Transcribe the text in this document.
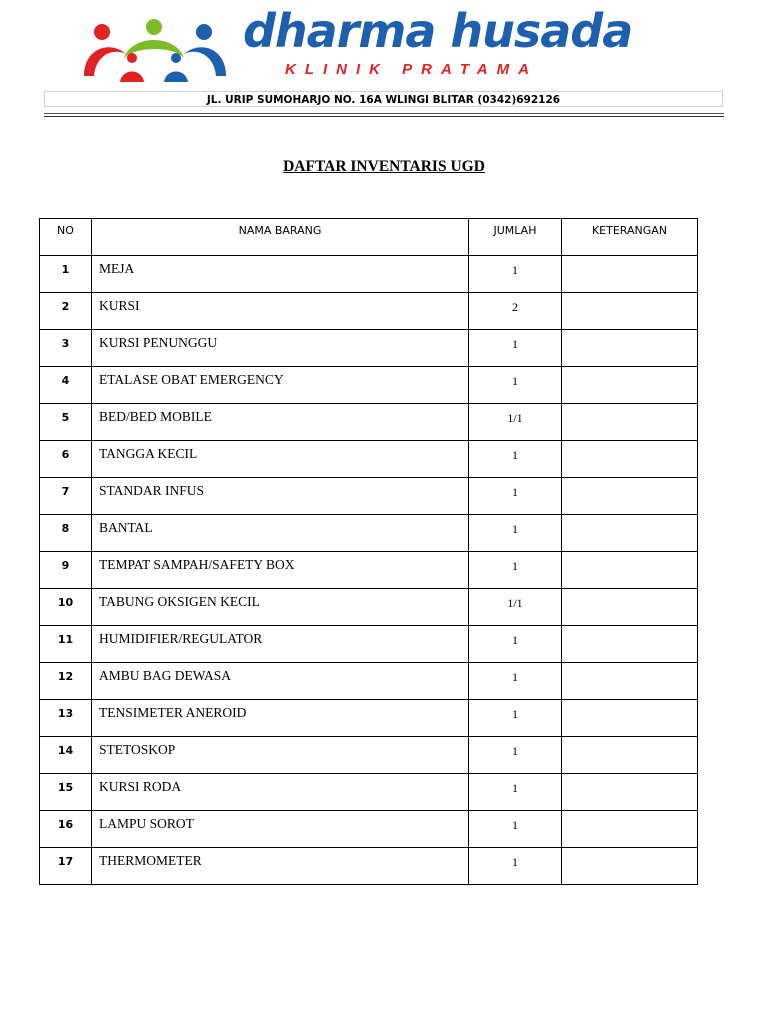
dharma husada
KLINIK PRATAMA
JL. URIP SUMOHARJO NO. 16A WLINGI BLITAR (0342)692126
DAFTAR INVENTARIS UGD
NO	NAMA BARANG	JUMLAH	KETERANGAN
1	MEJA	1	
2	KURSI	2	
3	KURSI PENUNGGU	1	
4	ETALASE OBAT EMERGENCY	1	
5	BED/BED MOBILE	1/1	
6	TANGGA KECIL	1	
7	STANDAR INFUS	1	
8	BANTAL	1	
9	TEMPAT SAMPAH/SAFETY BOX	1	
10	TABUNG OKSIGEN KECIL	1/1	
11	HUMIDIFIER/REGULATOR	1	
12	AMBU BAG DEWASA	1	
13	TENSIMETER ANEROID	1	
14	STETOSKOP	1	
15	KURSI RODA	1	
16	LAMPU SOROT	1	
17	THERMOMETER	1	
